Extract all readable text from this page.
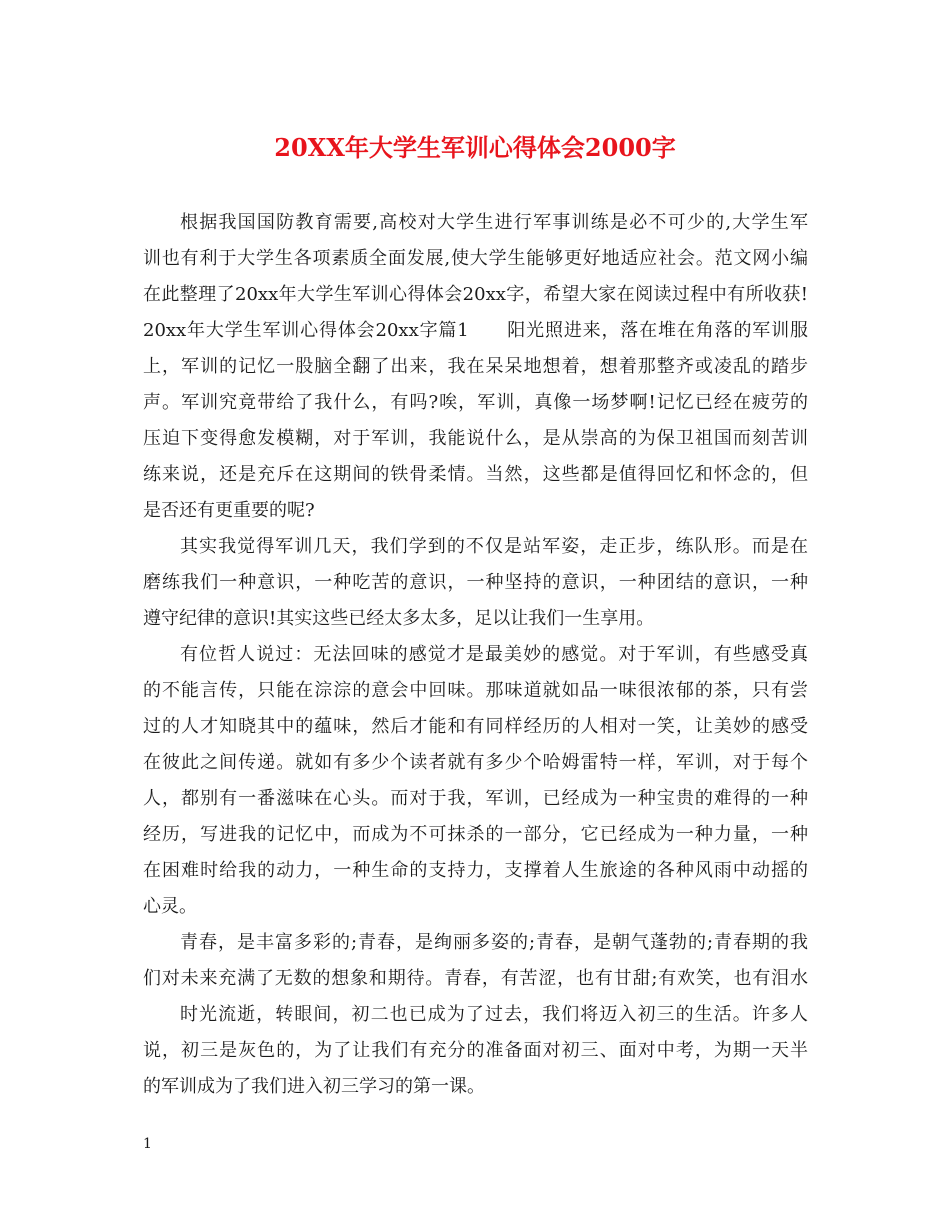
20XX年大学生军训心得体会2000字
根据我国国防教育需要,高校对大学生进行军事训练是必不可少的,大学生军
训也有利于大学生各项素质全面发展,使大学生能够更好地适应社会。范文网小编
在此整理了20xx年大学生军训心得体会20xx字，希望大家在阅读过程中有所收获!
20xx年大学生军训心得体会20xx字篇1　　阳光照进来，落在堆在角落的军训服
上，军训的记忆一股脑全翻了出来，我在呆呆地想着，想着那整齐或凌乱的踏步
声。军训究竟带给了我什么，有吗?唉，军训，真像一场梦啊!记忆已经在疲劳的
压迫下变得愈发模糊，对于军训，我能说什么，是从崇高的为保卫祖国而刻苦训
练来说，还是充斥在这期间的铁骨柔情。当然，这些都是值得回忆和怀念的，但
是否还有更重要的呢?
其实我觉得军训几天，我们学到的不仅是站军姿，走正步，练队形。而是在
磨练我们一种意识，一种吃苦的意识，一种坚持的意识，一种团结的意识，一种
遵守纪律的意识!其实这些已经太多太多，足以让我们一生享用。
有位哲人说过：无法回味的感觉才是最美妙的感觉。对于军训，有些感受真
的不能言传，只能在淙淙的意会中回味。那味道就如品一味很浓郁的茶，只有尝
过的人才知晓其中的蕴味，然后才能和有同样经历的人相对一笑，让美妙的感受
在彼此之间传递。就如有多少个读者就有多少个哈姆雷特一样，军训，对于每个
人，都别有一番滋味在心头。而对于我，军训，已经成为一种宝贵的难得的一种
经历，写进我的记忆中，而成为不可抹杀的一部分，它已经成为一种力量，一种
在困难时给我的动力，一种生命的支持力，支撑着人生旅途的各种风雨中动摇的
心灵。
青春，是丰富多彩的;青春，是绚丽多姿的;青春，是朝气蓬勃的;青春期的我
们对未来充满了无数的想象和期待。青春，有苦涩，也有甘甜;有欢笑，也有泪水
时光流逝，转眼间，初二也已成为了过去，我们将迈入初三的生活。许多人
说，初三是灰色的，为了让我们有充分的准备面对初三、面对中考，为期一天半
的军训成为了我们进入初三学习的第一课。
1
